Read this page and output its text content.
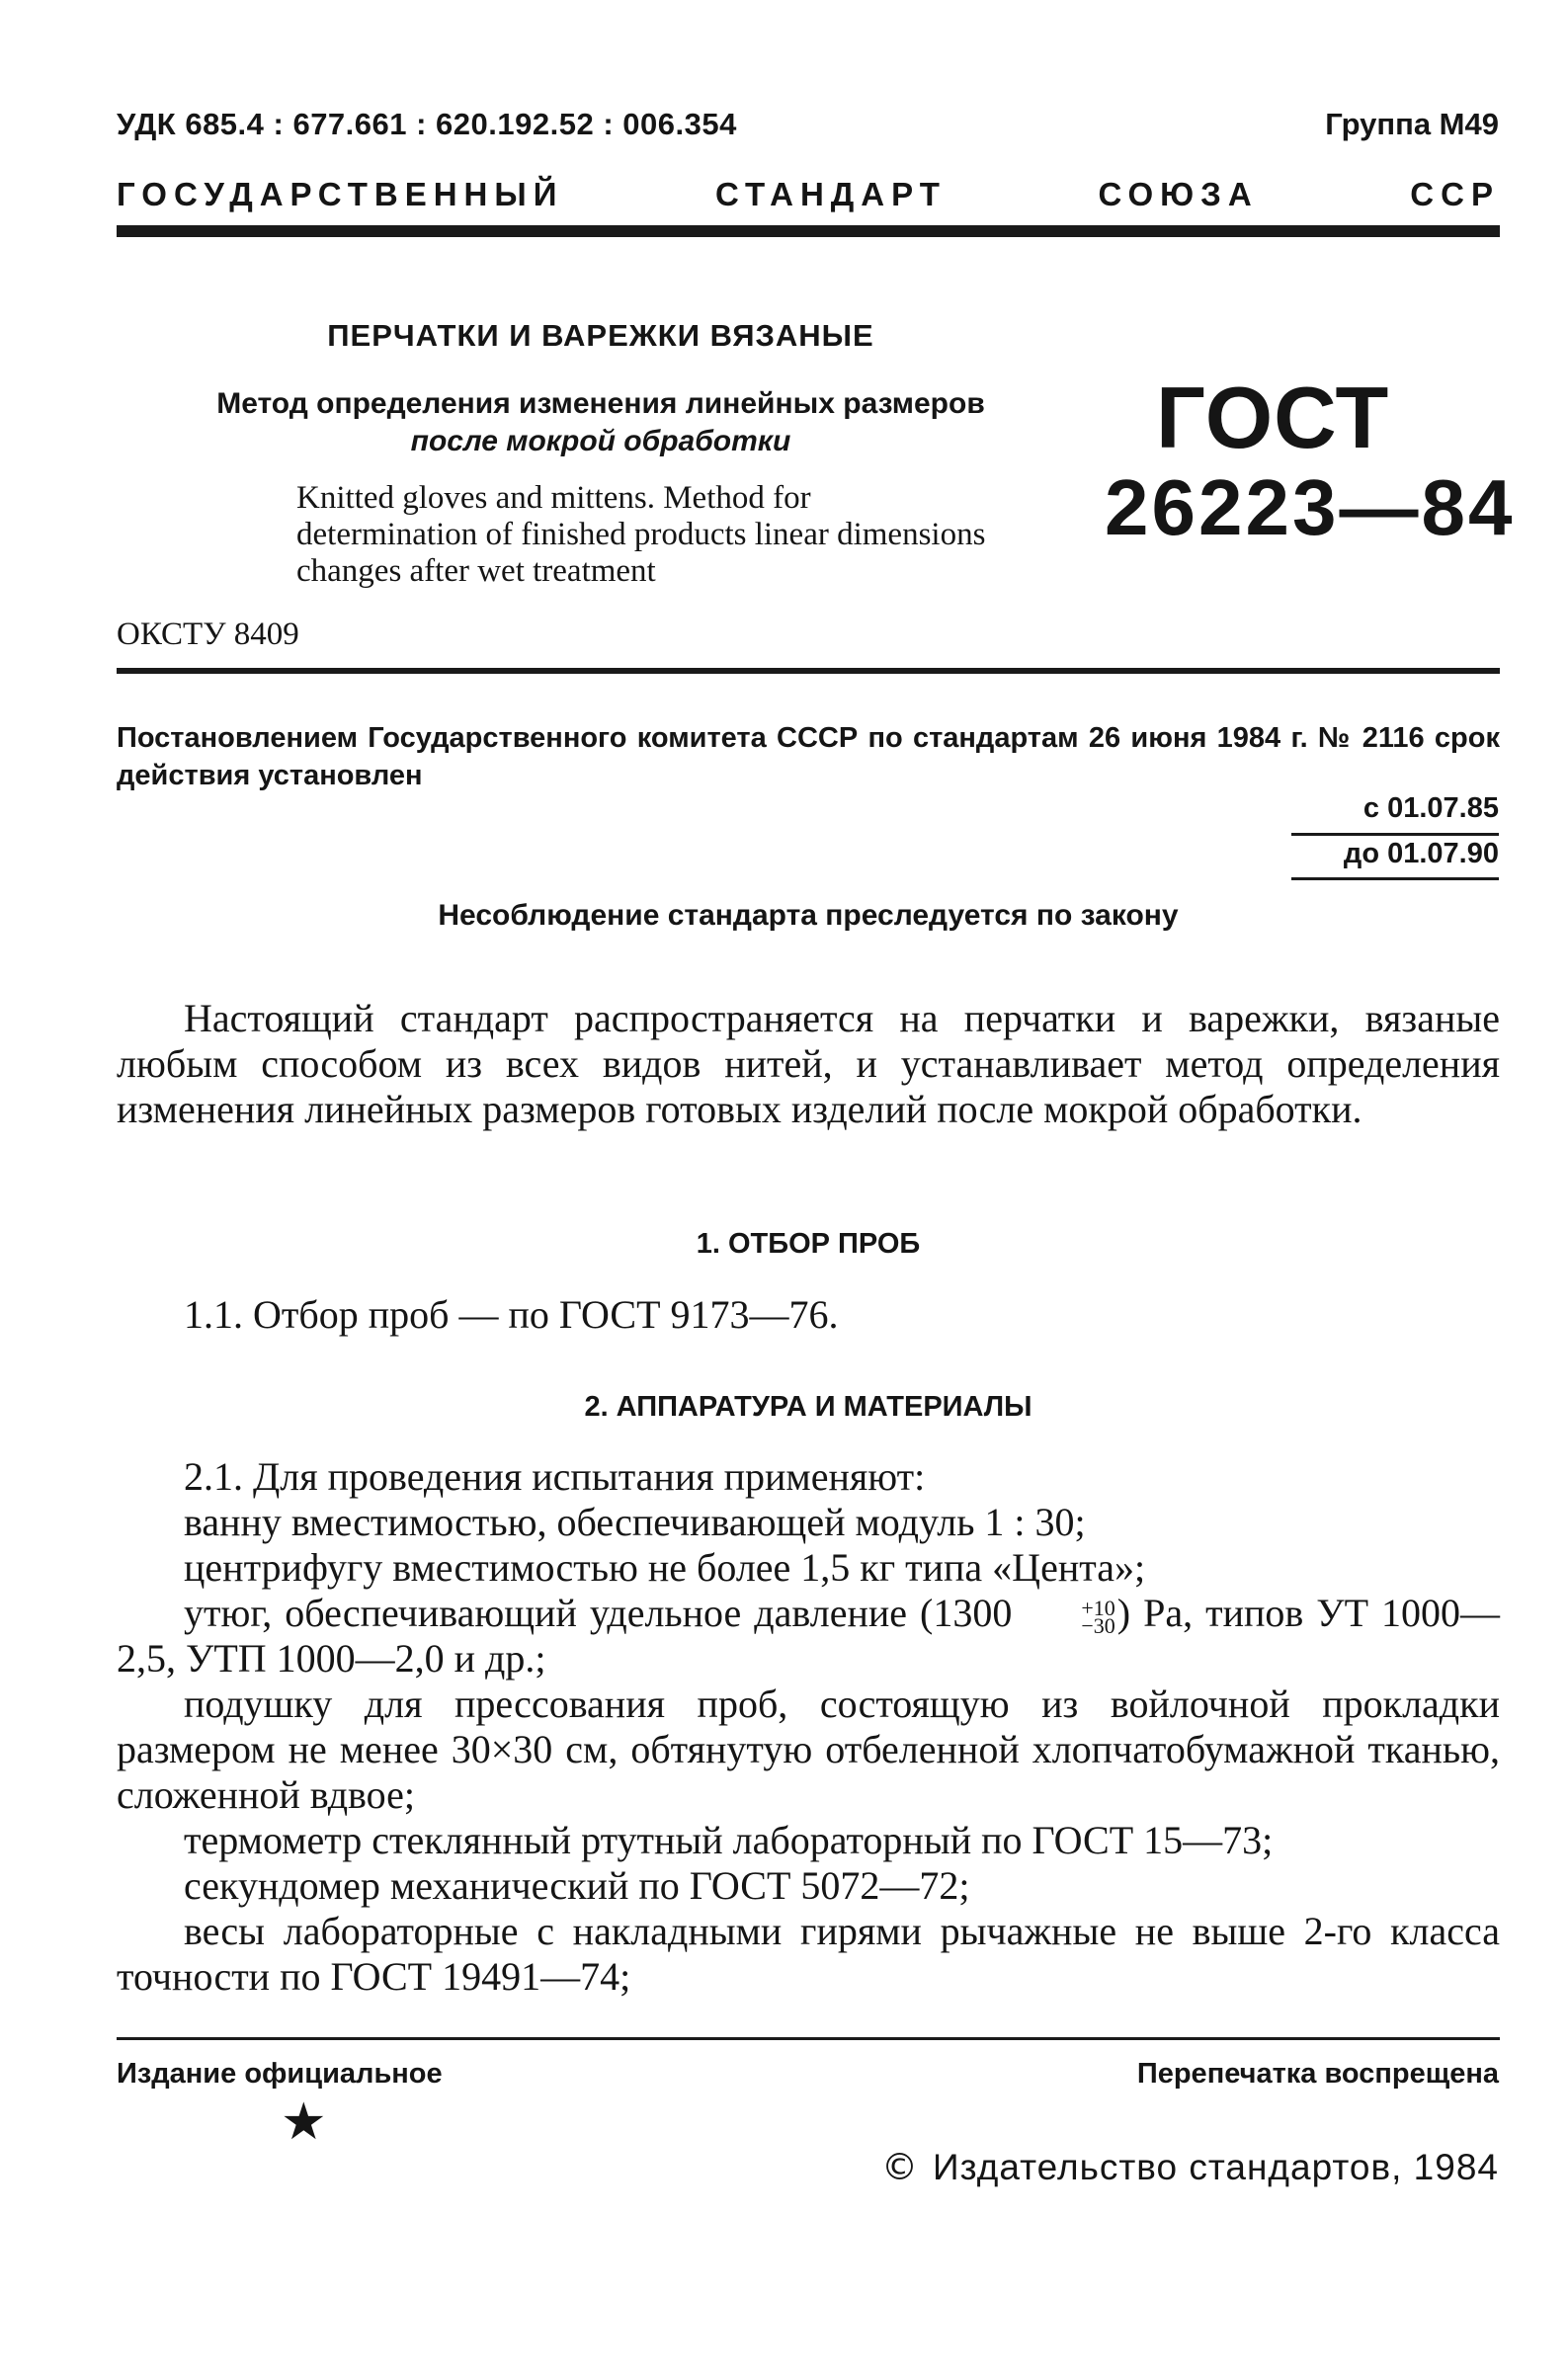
УДК 685.4 : 677.661 : 620.192.52 : 006.354	Группа М49
ГОСУДАРСТВЕННЫЙ	СТАНДАРТ	СОЮЗА	ССР
ПЕРЧАТКИ И ВАРЕЖКИ ВЯЗАНЫЕ
Метод определения изменения линейных размеров
после мокрой обработки
Knitted gloves and mittens. Method for determination of finished products linear dimensions changes after wet treatment
ОКСТУ 8409
ГОСТ
26223—84
Постановлением Государственного комитета СССР по стандартам 26 июня 1984 г. № 2116 срок действия установлен
с 01.07.85
до 01.07.90
Несоблюдение стандарта преследуется по закону
Настоящий стандарт распространяется на перчатки и варежки, вязаные любым способом из всех видов нитей, и устанавливает метод определения изменения линейных размеров готовых изделий после мокрой обработки.
1. ОТБОР ПРОБ
1.1. Отбор проб — по ГОСТ 9173—76.
2. АППАРАТУРА И МАТЕРИАЛЫ
2.1. Для проведения испытания применяют:
ванну вместимостью, обеспечивающей модуль 1 : 30;
центрифугу вместимостью не более 1,5 кг типа «Цента»;
утюг, обеспечивающий удельное давление (1300	+10
−30 ) Ра, типов УТ 1000—2,5, УТП 1000—2,0 и др.;
подушку для прессования проб, состоящую из войлочной прокладки размером не менее 30×30 см, обтянутую отбеленной хлопчатобумажной тканью, сложенной вдвое;
термометр стеклянный ртутный лабораторный по ГОСТ 15—73;
секундомер механический по ГОСТ 5072—72;
весы лабораторные с накладными гирями рычажные не выше 2-го класса точности по ГОСТ 19491—74;
Издание официальное	Перепечатка воспрещена
★
© Издательство стандартов, 1984
